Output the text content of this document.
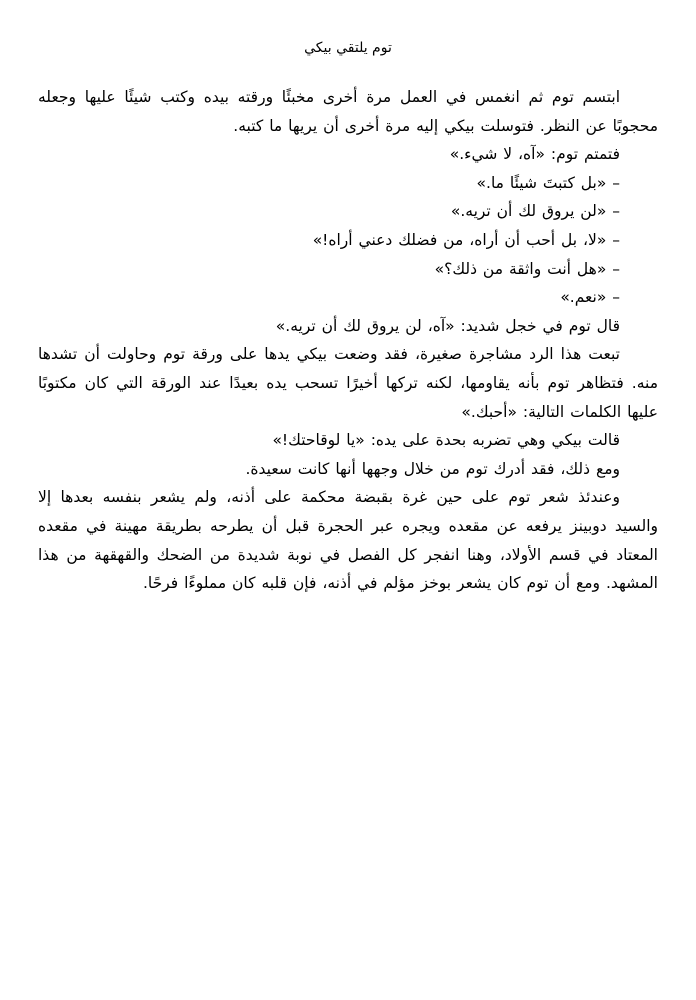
توم يلتقي بيكي

ابتسم توم ثم انغمس في العمل مرة أخرى مخبئًا ورقته بيده وكتب شيئًا عليها وجعله محجوبًا عن النظر. فتوسلت بيكي إليه مرة أخرى أن يريها ما كتبه.

فتمتم توم: «آه، لا شيء.»

– «بل كتبتَ شيئًا ما.»

– «لن يروق لك أن تريه.»

– «لا، بل أحب أن أراه، من فضلك دعني أراه!»

– «هل أنت واثقة من ذلك؟»

– «نعم.»

قال توم في خجل شديد: «آه، لن يروق لك أن تريه.»

تبعت هذا الرد مشاجرة صغيرة، فقد وضعت بيكي يدها على ورقة توم وحاولت أن تشدها منه. فتظاهر توم بأنه يقاومها، لكنه تركها أخيرًا تسحب يده بعيدًا عند الورقة التي كان مكتوبًا عليها الكلمات التالية: «أحبك.»

قالت بيكي وهي تضربه بحدة على يده: «يا لوقاحتك!»

ومع ذلك، فقد أدرك توم من خلال وجهها أنها كانت سعيدة.

وعندئذ شعر توم على حين غرة بقبضة محكمة على أذنه، ولم يشعر بنفسه بعدها إلا والسيد دوبينز يرفعه عن مقعده ويجره عبر الحجرة قبل أن يطرحه بطريقة مهينة في مقعده المعتاد في قسم الأولاد، وهنا انفجر كل الفصل في نوبة شديدة من الضحك والقهقهة من هذا المشهد. ومع أن توم كان يشعر بوخز مؤلم في أذنه، فإن قلبه كان مملوءًا فرحًا.
